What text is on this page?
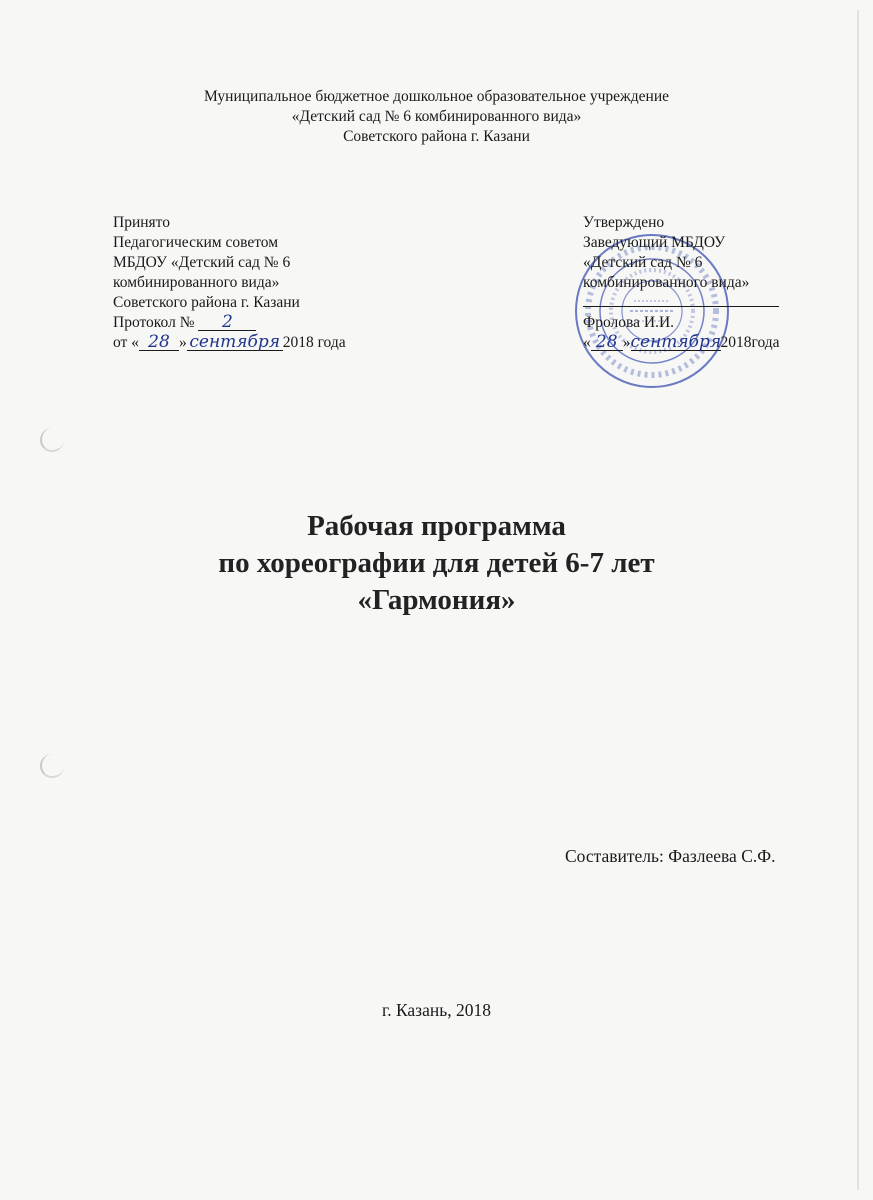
Муниципальное бюджетное дошкольное образовательное учреждение
«Детский сад № 6 комбинированного вида»
Советского района г. Казани
Принято
Педагогическим советом
МБДОУ «Детский сад № 6
комбинированного вида»
Советского района г. Казани
Протокол № 2
от « 28 » сентября 2018 года
Утверждено
Заведующий МБДОУ
«Детский сад № 6
комбинированного вида»
Фролова И.И.
« 28 »сентября2018года
Рабочая программа
по хореографии для детей 6-7 лет
«Гармония»
Составитель: Фазлеева С.Ф.
г. Казань, 2018
